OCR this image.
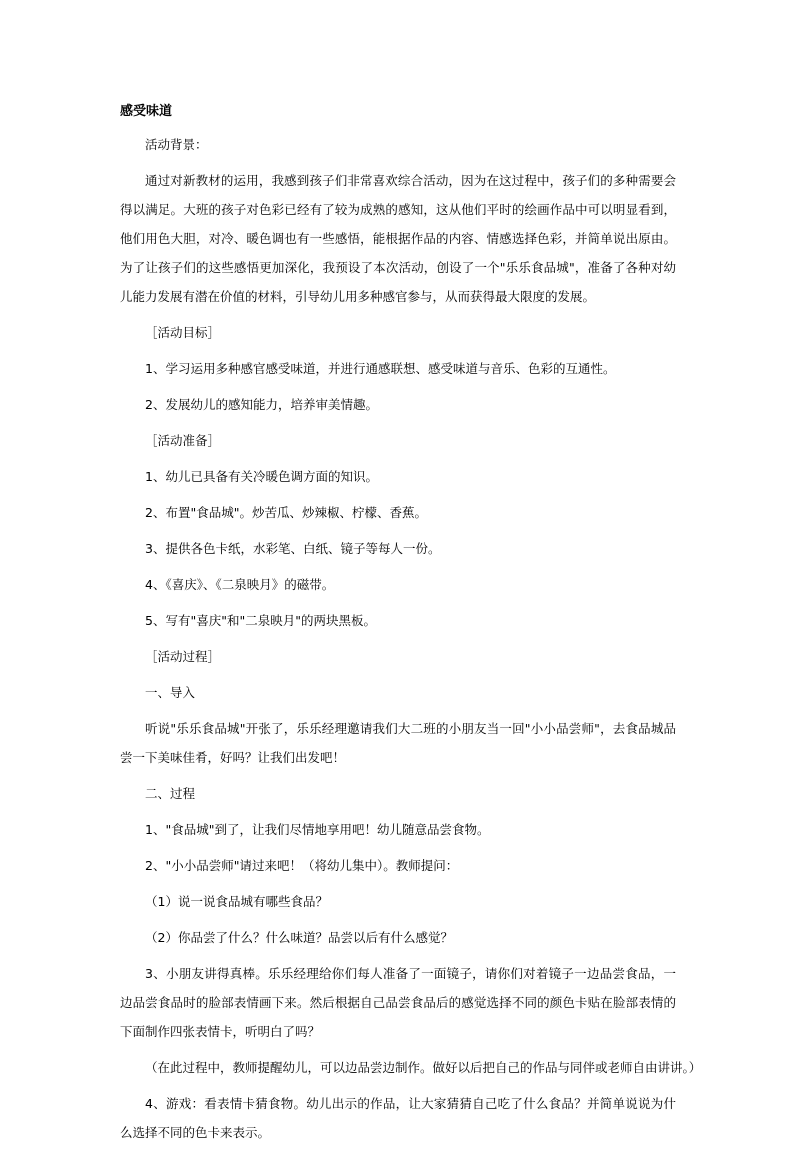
感受味道

活动背景：

通过对新教材的运用，我感到孩子们非常喜欢综合活动，因为在这过程中，孩子们的多种需要会得以满足。大班的孩子对色彩已经有了较为成熟的感知，这从他们平时的绘画作品中可以明显看到，他们用色大胆，对冷、暖色调也有一些感悟，能根据作品的内容、情感选择色彩，并简单说出原由。为了让孩子们的这些感悟更加深化，我预设了本次活动，创设了一个"乐乐食品城"，准备了各种对幼儿能力发展有潜在价值的材料，引导幼儿用多种感官参与，从而获得最大限度的发展。

［活动目标］

1、学习运用多种感官感受味道，并进行通感联想、感受味道与音乐、色彩的互通性。

2、发展幼儿的感知能力，培养审美情趣。

［活动准备］

1、幼儿已具备有关冷暖色调方面的知识。

2、布置"食品城"。炒苦瓜、炒辣椒、柠檬、香蕉。

3、提供各色卡纸，水彩笔、白纸、镜子等每人一份。

4、《喜庆》、《二泉映月》的磁带。

5、写有"喜庆"和"二泉映月"的两块黑板。

［活动过程］

一、导入

听说"乐乐食品城"开张了，乐乐经理邀请我们大二班的小朋友当一回"小小品尝师"，去食品城品尝一下美味佳肴，好吗？让我们出发吧！

二、过程

1、"食品城"到了，让我们尽情地享用吧！幼儿随意品尝食物。

2、"小小品尝师"请过来吧！（将幼儿集中）。教师提问：

（1）说一说食品城有哪些食品？

（2）你品尝了什么？什么味道？品尝以后有什么感觉？

3、小朋友讲得真棒。乐乐经理给你们每人准备了一面镜子，请你们对着镜子一边品尝食品，一边品尝食品时的脸部表情画下来。然后根据自己品尝食品后的感觉选择不同的颜色卡贴在脸部表情的下面制作四张表情卡，听明白了吗？

（在此过程中，教师提醒幼儿，可以边品尝边制作。做好以后把自己的作品与同伴或老师自由讲讲。）

4、游戏：看表情卡猜食物。幼儿出示的作品，让大家猜猜自己吃了什么食品？并简单说说为什么选择不同的色卡来表示。
